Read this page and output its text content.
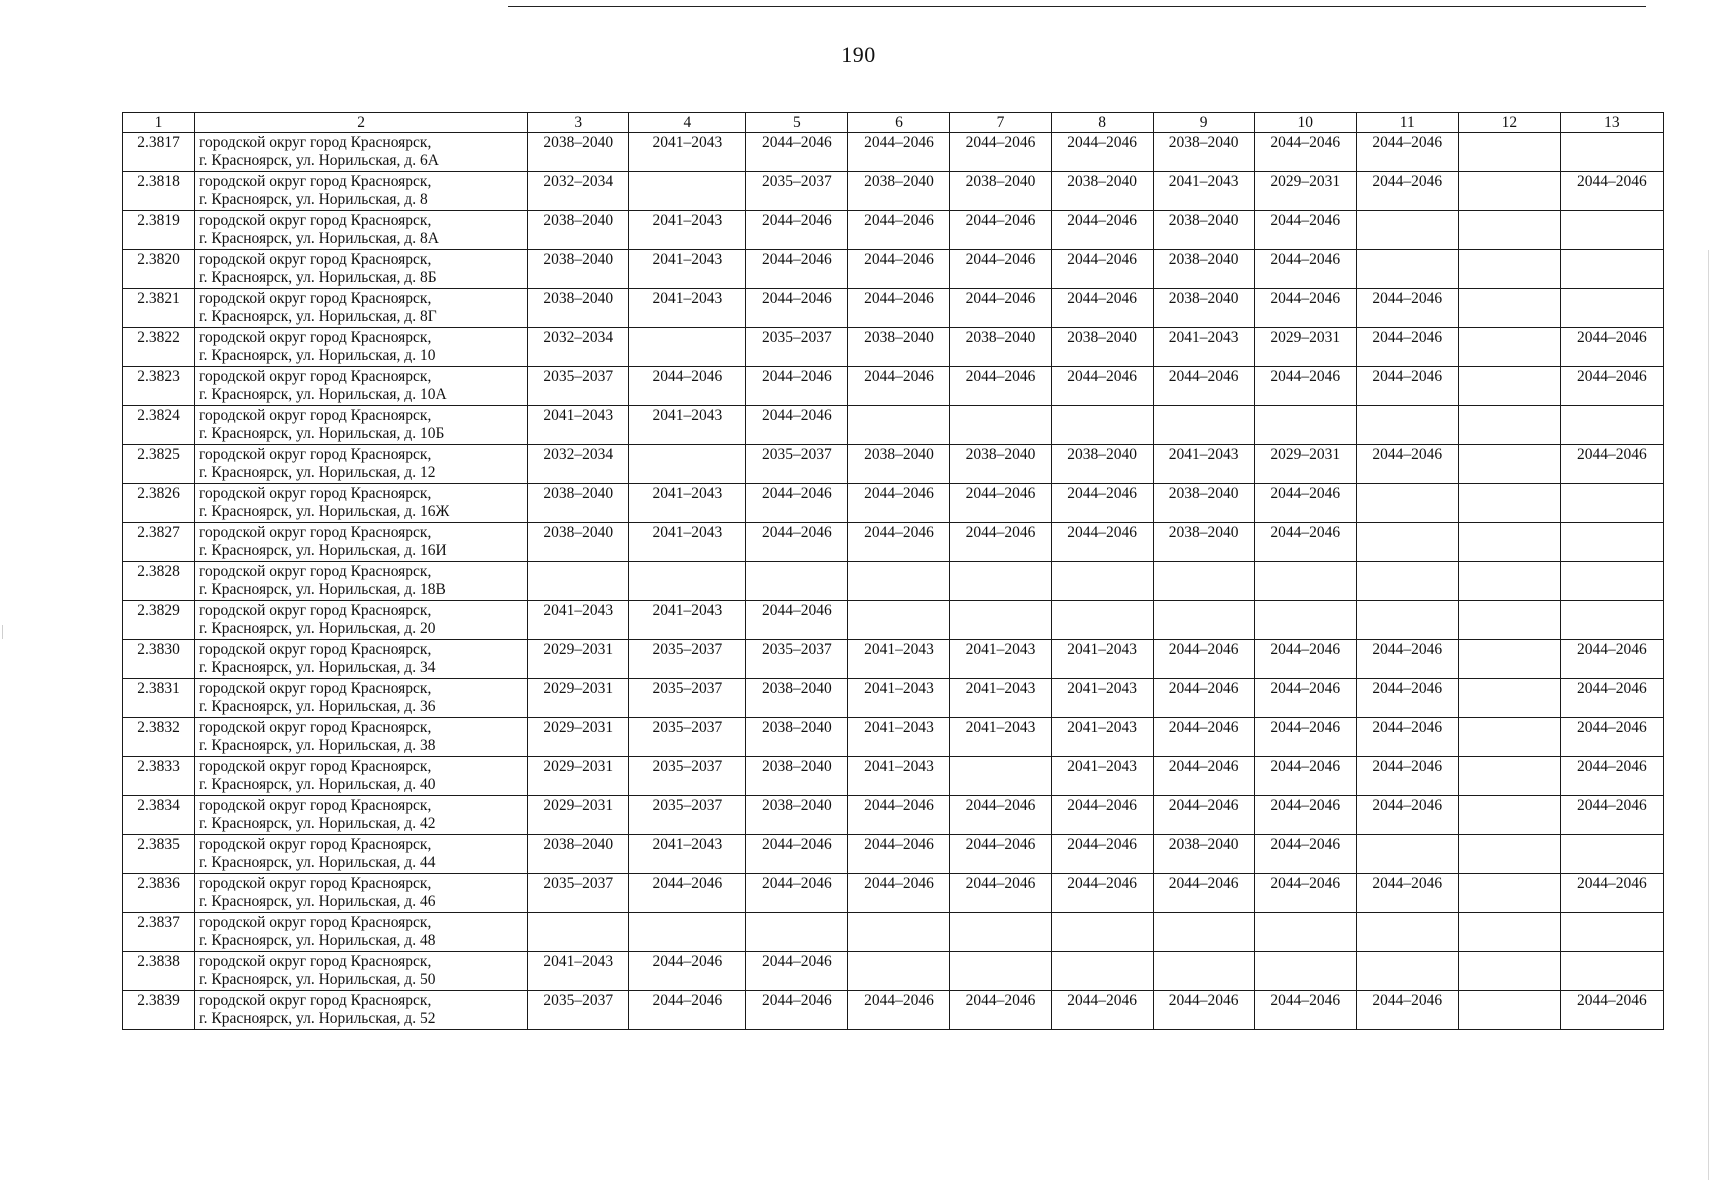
190
1	2	3	4	5	6	7	8	9	10	11	12	13
2.3817	городской округ город Красноярск,
г. Красноярск, ул. Норильская, д. 6А	2038–2040	2041–2043	2044–2046	2044–2046	2044–2046	2044–2046	2038–2040	2044–2046	2044–2046		
2.3818	городской округ город Красноярск,
г. Красноярск, ул. Норильская, д. 8	2032–2034		2035–2037	2038–2040	2038–2040	2038–2040	2041–2043	2029–2031	2044–2046		2044–2046
2.3819	городской округ город Красноярск,
г. Красноярск, ул. Норильская, д. 8А	2038–2040	2041–2043	2044–2046	2044–2046	2044–2046	2044–2046	2038–2040	2044–2046			
2.3820	городской округ город Красноярск,
г. Красноярск, ул. Норильская, д. 8Б	2038–2040	2041–2043	2044–2046	2044–2046	2044–2046	2044–2046	2038–2040	2044–2046			
2.3821	городской округ город Красноярск,
г. Красноярск, ул. Норильская, д. 8Г	2038–2040	2041–2043	2044–2046	2044–2046	2044–2046	2044–2046	2038–2040	2044–2046	2044–2046		
2.3822	городской округ город Красноярск,
г. Красноярск, ул. Норильская, д. 10	2032–2034		2035–2037	2038–2040	2038–2040	2038–2040	2041–2043	2029–2031	2044–2046		2044–2046
2.3823	городской округ город Красноярск,
г. Красноярск, ул. Норильская, д. 10А	2035–2037	2044–2046	2044–2046	2044–2046	2044–2046	2044–2046	2044–2046	2044–2046	2044–2046		2044–2046
2.3824	городской округ город Красноярск,
г. Красноярск, ул. Норильская, д. 10Б	2041–2043	2041–2043	2044–2046								
2.3825	городской округ город Красноярск,
г. Красноярск, ул. Норильская, д. 12	2032–2034		2035–2037	2038–2040	2038–2040	2038–2040	2041–2043	2029–2031	2044–2046		2044–2046
2.3826	городской округ город Красноярск,
г. Красноярск, ул. Норильская, д. 16Ж	2038–2040	2041–2043	2044–2046	2044–2046	2044–2046	2044–2046	2038–2040	2044–2046			
2.3827	городской округ город Красноярск,
г. Красноярск, ул. Норильская, д. 16И	2038–2040	2041–2043	2044–2046	2044–2046	2044–2046	2044–2046	2038–2040	2044–2046			
2.3828	городской округ город Красноярск,
г. Красноярск, ул. Норильская, д. 18В											

2.3829	городской округ город Красноярск,
г. Красноярск, ул. Норильская, д. 20	2041–2043	2041–2043	2044–2046								
2.3830	городской округ город Красноярск,
г. Красноярск, ул. Норильская, д. 34	2029–2031	2035–2037	2035–2037	2041–2043	2041–2043	2041–2043	2044–2046	2044–2046	2044–2046		2044–2046
2.3831	городской округ город Красноярск,
г. Красноярск, ул. Норильская, д. 36	2029–2031	2035–2037	2038–2040	2041–2043	2041–2043	2041–2043	2044–2046	2044–2046	2044–2046		2044–2046
2.3832	городской округ город Красноярск,
г. Красноярск, ул. Норильская, д. 38	2029–2031	2035–2037	2038–2040	2041–2043	2041–2043	2041–2043	2044–2046	2044–2046	2044–2046		2044–2046
2.3833	городской округ город Красноярск,
г. Красноярск, ул. Норильская, д. 40	2029–2031	2035–2037	2038–2040	2041–2043		2041–2043	2044–2046	2044–2046	2044–2046		2044–2046
2.3834	городской округ город Красноярск,
г. Красноярск, ул. Норильская, д. 42	2029–2031	2035–2037	2038–2040	2044–2046	2044–2046	2044–2046	2044–2046	2044–2046	2044–2046		2044–2046
2.3835	городской округ город Красноярск,
г. Красноярск, ул. Норильская, д. 44	2038–2040	2041–2043	2044–2046	2044–2046	2044–2046	2044–2046	2038–2040	2044–2046			
2.3836	городской округ город Красноярск,
г. Красноярск, ул. Норильская, д. 46	2035–2037	2044–2046	2044–2046	2044–2046	2044–2046	2044–2046	2044–2046	2044–2046	2044–2046		2044–2046
2.3837	городской округ город Красноярск,
г. Красноярск, ул. Норильская, д. 48											

2.3838	городской округ город Красноярск,
г. Красноярск, ул. Норильская, д. 50	2041–2043	2044–2046	2044–2046								
2.3839	городской округ город Красноярск,
г. Красноярск, ул. Норильская, д. 52	2035–2037	2044–2046	2044–2046	2044–2046	2044–2046	2044–2046	2044–2046	2044–2046	2044–2046		2044–2046
